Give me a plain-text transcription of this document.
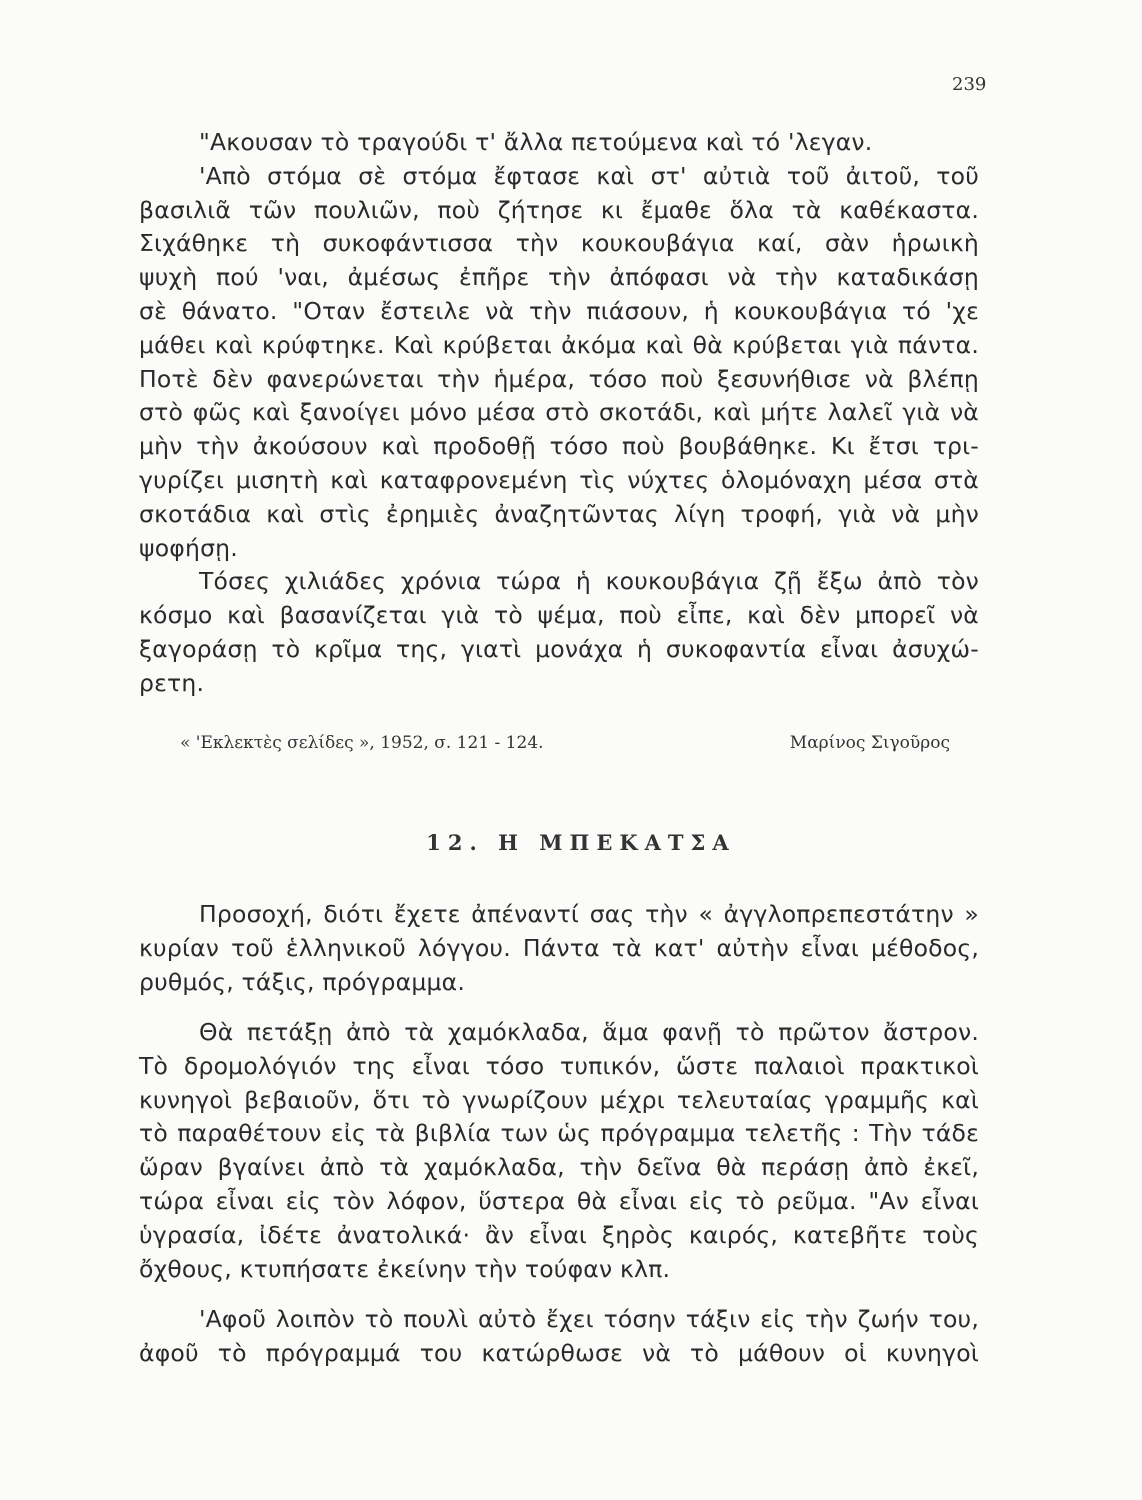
239
"Ακουσαν τὸ τραγούδι τ' ἄλλα πετούμενα καὶ τό 'λεγαν.
'Απὸ στόμα σὲ στόμα ἔφτασε καὶ στ' αὐτιὰ τοῦ ἀιτοῦ, τοῦ
βασιλιᾶ τῶν πουλιῶν, ποὺ ζήτησε κι ἔμαθε ὅλα τὰ καθέκαστα.
Σιχάθηκε τὴ συκοφάντισσα τὴν κουκουβάγια καί, σὰν ἡρωικὴ
ψυχὴ πού 'ναι, ἀμέσως ἐπῆρε τὴν ἀπόφασι νὰ τὴν καταδικάσῃ
σὲ θάνατο. "Οταν ἔστειλε νὰ τὴν πιάσουν, ἡ κουκουβάγια τό 'χε
μάθει καὶ κρύφτηκε. Καὶ κρύβεται ἀκόμα καὶ θὰ κρύβεται γιὰ πάντα.
Ποτὲ δὲν φανερώνεται τὴν ἡμέρα, τόσο ποὺ ξεσυνήθισε νὰ βλέπῃ
στὸ φῶς καὶ ξανοίγει μόνο μέσα στὸ σκοτάδι, καὶ μήτε λαλεῖ γιὰ νὰ
μὴν τὴν ἀκούσουν καὶ προδοθῇ τόσο ποὺ βουβάθηκε. Κι ἔτσι τρι-
γυρίζει μισητὴ καὶ καταφρονεμένη τὶς νύχτες ὁλομόναχη μέσα στὰ
σκοτάδια καὶ στὶς ἐρημιὲς ἀναζητῶντας λίγη τροφή, γιὰ νὰ μὴν
ψοφήσῃ.
Τόσες χιλιάδες χρόνια τώρα ἡ κουκουβάγια ζῇ ἔξω ἀπὸ τὸν
κόσμο καὶ βασανίζεται γιὰ τὸ ψέμα, ποὺ εἶπε, καὶ δὲν μπορεῖ νὰ
ξαγοράσῃ τὸ κρῖμα της, γιατὶ μονάχα ἡ συκοφαντία εἶναι ἀσυχώ-
ρετη.
« 'Εκλεκτὲς σελίδες », 1952, σ. 121 - 124.	Μαρίνος Σιγοῦρος
12. Η ΜΠΕΚΑΤΣΑ
Προσοχή, διότι ἔχετε ἀπέναντί σας τὴν « ἀγγλοπρεπεστάτην »
κυρίαν τοῦ ἑλληνικοῦ λόγγου. Πάντα τὰ κατ' αὐτὴν εἶναι μέθοδος,
ρυθμός, τάξις, πρόγραμμα.
Θὰ πετάξῃ ἀπὸ τὰ χαμόκλαδα, ἅμα φανῇ τὸ πρῶτον ἄστρον.
Τὸ δρομολόγιόν της εἶναι τόσο τυπικόν, ὥστε παλαιοὶ πρακτικοὶ
κυνηγοὶ βεβαιοῦν, ὅτι τὸ γνωρίζουν μέχρι τελευταίας γραμμῆς καὶ
τὸ παραθέτουν εἰς τὰ βιβλία των ὡς πρόγραμμα τελετῆς : Τὴν τάδε
ὥραν βγαίνει ἀπὸ τὰ χαμόκλαδα, τὴν δεῖνα θὰ περάσῃ ἀπὸ ἐκεῖ,
τώρα εἶναι εἰς τὸν λόφον, ὕστερα θὰ εἶναι εἰς τὸ ρεῦμα. "Αν εἶναι
ὑγρασία, ἰδέτε ἀνατολικά· ἂν εἶναι ξηρὸς καιρός, κατεβῆτε τοὺς
ὄχθους, κτυπήσατε ἐκείνην τὴν τούφαν κλπ.
'Αφοῦ λοιπὸν τὸ πουλὶ αὐτὸ ἔχει τόσην τάξιν εἰς τὴν ζωήν του,
ἀφοῦ τὸ πρόγραμμά του κατώρθωσε νὰ τὸ μάθουν οἱ κυνηγοὶ
